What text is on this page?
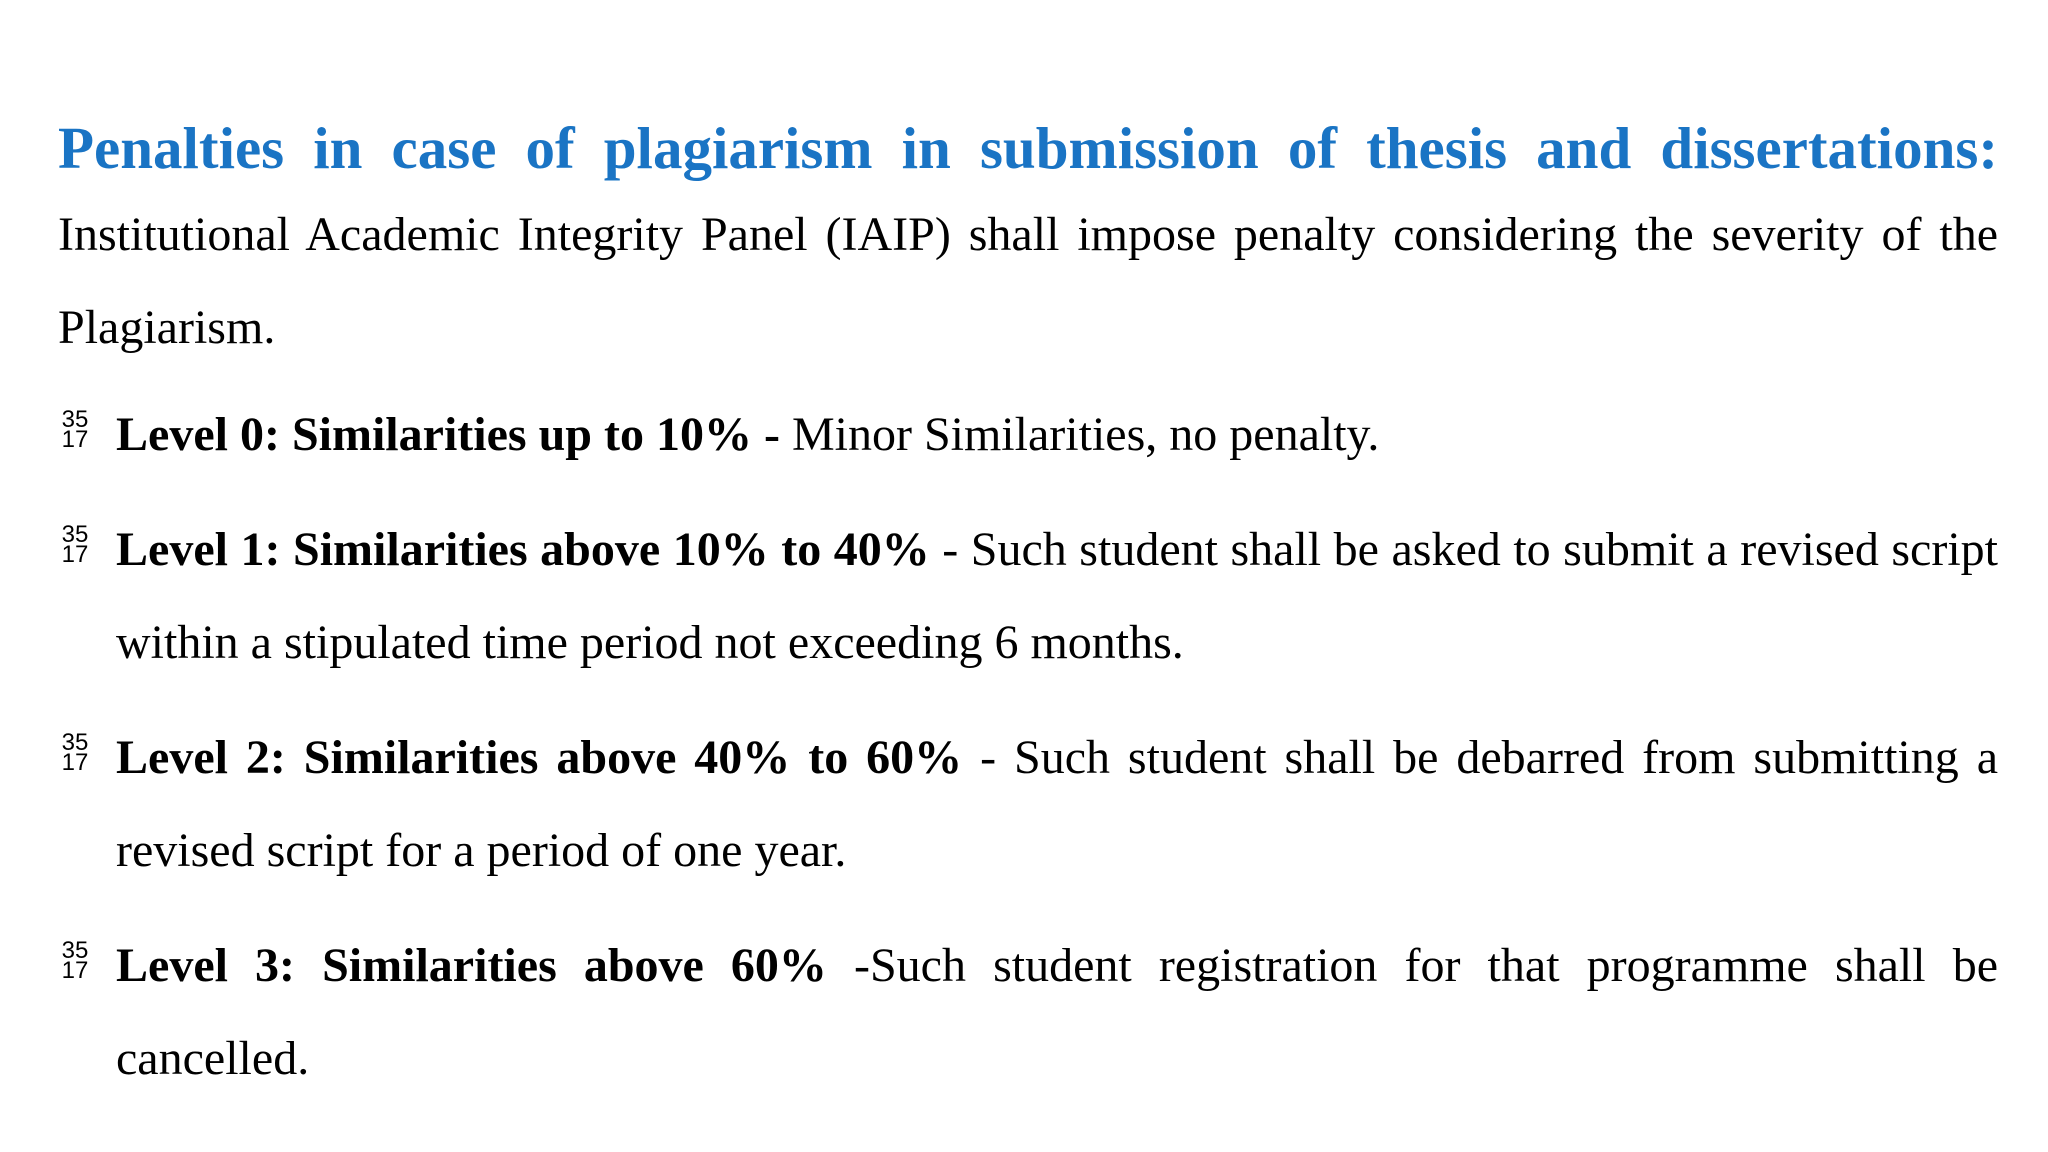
Penalties in case of plagiarism in submission of thesis and dissertations:

Institutional Academic Integrity Panel (IAIP) shall impose penalty considering the severity of the Plagiarism.

35
17 Level 0: Similarities up to 10% - Minor Similarities, no penalty.
35
17 Level 1: Similarities above 10% to 40% - Such student shall be asked to submit a revised script within a stipulated time period not exceeding 6 months.
35
17 Level 2: Similarities above 40% to 60% - Such student shall be debarred from submitting a revised script for a period of one year.
35
17 Level 3: Similarities above 60% -Such student registration for that programme shall be cancelled.
